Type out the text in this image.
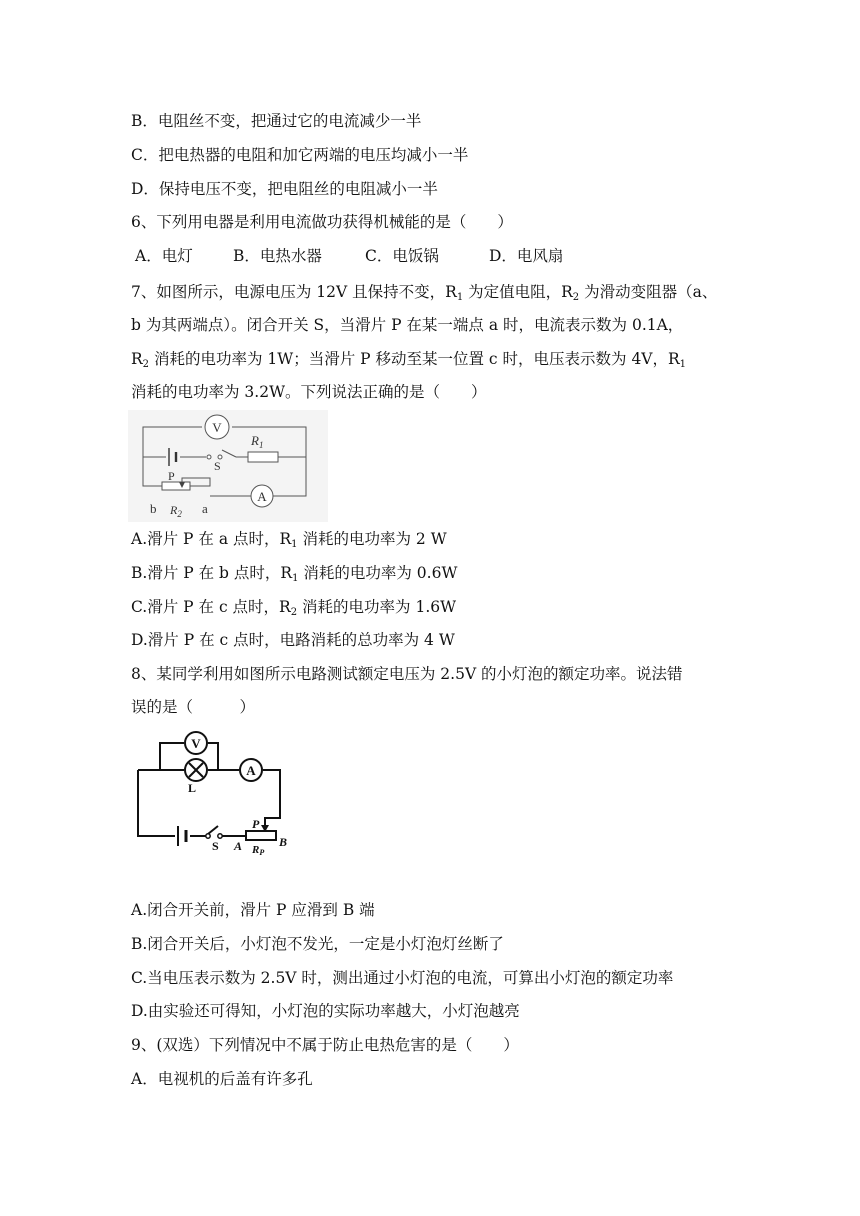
B．电阻丝不变，把通过它的电流减少一半
C．把电热器的电阻和加它两端的电压均减小一半
D．保持电压不变，把电阻丝的电阻减小一半
6、下列用电器是利用电流做功获得机械能的是（　　）
A．电灯	B．电热水器	C．电饭锅	D．电风扇
7、如图所示，电源电压为 12V 且保持不变，$R_1$ 为定值电阻，$R_2$ 为滑动变阻器（a、
b 为其两端点）。闭合开关 S，当滑片 P 在某一端点 a 时，电流表示数为 0.1A，
$R_2$ 消耗的电功率为 1W；当滑片 P 移动至某一位置 c 时，电压表示数为 4V，$R_1$
消耗的电功率为 3.2W。下列说法正确的是（　　）
V
A
$R_1$
S
P
b $R_2$ a
A.滑片 P 在 a 点时，$R_1$ 消耗的电功率为 2 W
B.滑片 P 在 b 点时，$R_1$ 消耗的电功率为 0.6W
C.滑片 P 在 c 点时，$R_2$ 消耗的电功率为 1.6W
D.滑片 P 在 c 点时，电路消耗的总功率为 4 W
8、某同学利用如图所示电路测试额定电压为 2.5V 的小灯泡的额定功率。说法错
误的是（　　　）
V
A
L
S
P
A RP
B
A.闭合开关前，滑片 P 应滑到 B 端
B.闭合开关后，小灯泡不发光，一定是小灯泡灯丝断了
C.当电压表示数为 2.5V 时，测出通过小灯泡的电流，可算出小灯泡的额定功率
D.由实验还可得知，小灯泡的实际功率越大，小灯泡越亮
9、(双选）下列情况中不属于防止电热危害的是（　　）
A．电视机的后盖有许多孔
